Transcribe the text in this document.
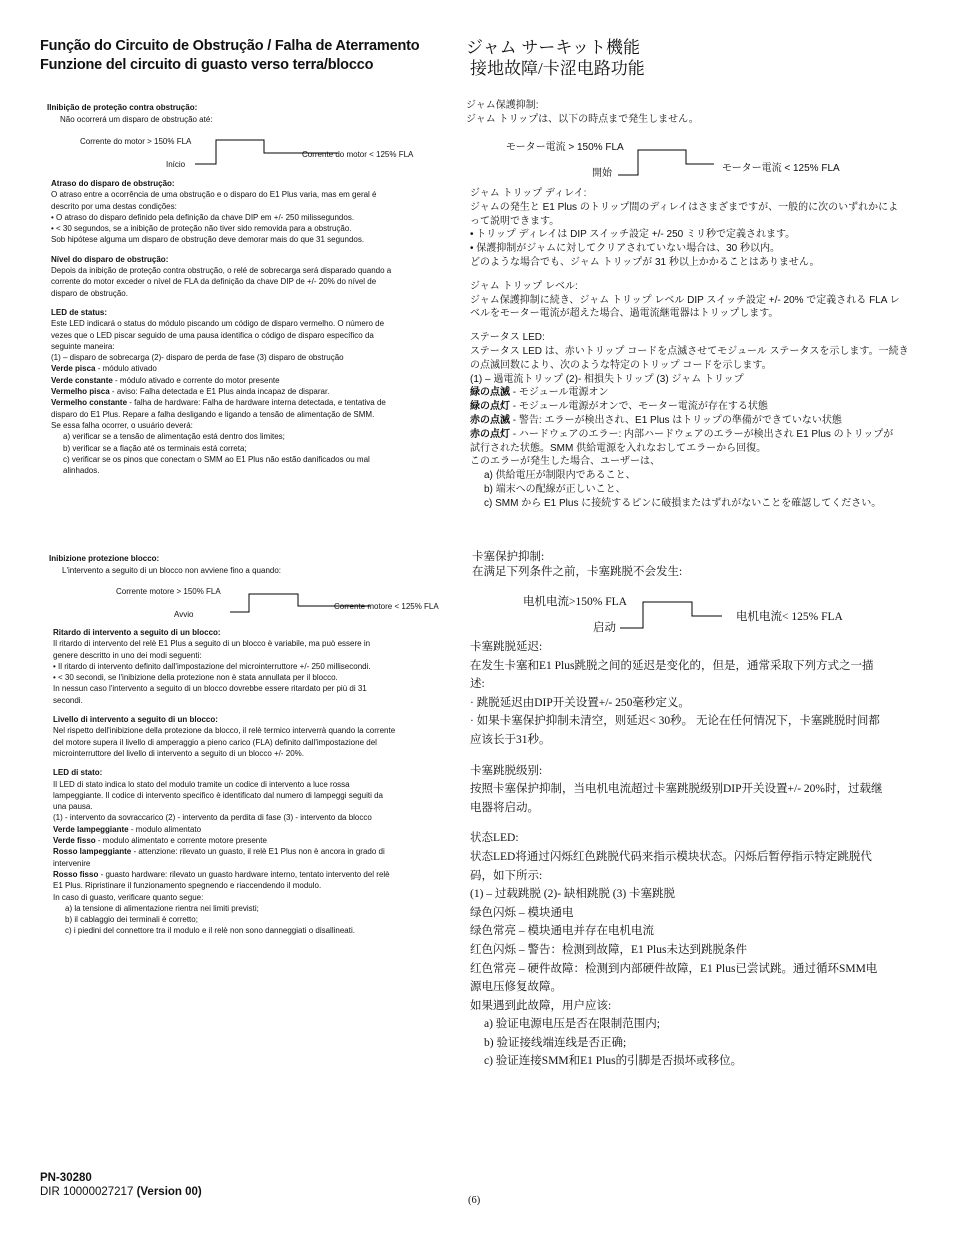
Função do Circuito de Obstrução / Falha de Aterramento
Funzione del circuito di guasto verso terra/blocco
ジャム サーキット機能
接地故障/卡涩电路功能
Ilnibição de proteção contra obstrução:
Não ocorrerá um disparo de obstrução até:
Corrente do motor > 150% FLA
Início
Corrente do motor < 125% FLA
Atraso do disparo de obstrução:
O atraso entre a ocorrência de uma obstrução e o disparo do E1 Plus varia, mas em geral é
descrito por uma destas condições:
• O atraso do disparo definido pela definição da chave DIP em +/- 250 milissegundos.
• < 30 segundos, se a inibição de proteção não tiver sido removida para a obstrução.
Sob hipótese alguma um disparo de obstrução deve demorar mais do que 31 segundos.
Nível do disparo de obstrução:
Depois da inibição de proteção contra obstrução, o relé de sobrecarga será disparado quando a
corrente do motor exceder o nível de FLA da definição da chave DIP de +/- 20% do nível de
disparo de obstrução.
LED de status:
Este LED indicará o status do módulo piscando um código de disparo vermelho. O número de
vezes que o LED piscar seguido de uma pausa identifica o código de disparo específico da
seguinte maneira:
(1) – disparo de sobrecarga (2)- disparo de perda de fase (3) disparo de obstrução
Verde pisca - módulo ativado
Verde constante - módulo ativado e corrente do motor presente
Vermelho pisca - aviso: Falha detectada e E1 Plus ainda incapaz de disparar.
Vermelho constante - falha de hardware: Falha de hardware interna detectada, e tentativa de
disparo do E1 Plus. Repare a falha desligando e ligando a tensão de alimentação de SMM.
Se essa falha ocorrer, o usuário deverá:
a) verificar se a tensão de alimentação está dentro dos limites;
b) verificar se a fiação até os terminais está correta;
c) verificar se os pinos que conectam o SMM ao E1 Plus não estão danificados ou mal
alinhados.
Inibizione protezione blocco:
L'intervento a seguito di un blocco non avviene fino a quando:
Corrente motore > 150% FLA
Avvio
Corrente motore < 125% FLA
Ritardo di intervento a seguito di un blocco:
Il ritardo di intervento del relè E1 Plus a seguito di un blocco è variabile, ma può essere in
genere descritto in uno dei modi seguenti:
• Il ritardo di intervento definito dall'impostazione del microinterruttore +/- 250 millisecondi.
• < 30 secondi, se l'inibizione della protezione non è stata annullata per il blocco.
In nessun caso l'intervento a seguito di un blocco dovrebbe essere ritardato per più di 31
secondi.
Livello di intervento a seguito di un blocco:
Nel rispetto dell'inibizione della protezione da blocco, il relè termico interverrà quando la corrente
del motore supera il livello di amperaggio a pieno carico (FLA) definito dall'impostazione del
microinterruttore del livello di intervento a seguito di un blocco +/- 20%.
LED di stato:
Il LED di stato indica lo stato del modulo tramite un codice di intervento a luce rossa
lampeggiante. Il codice di intervento specifico è identificato dal numero di lampeggi seguiti da
una pausa.
(1) - intervento da sovraccarico (2) - intervento da perdita di fase (3) - intervento da blocco
Verde lampeggiante - modulo alimentato
Verde fisso - modulo alimentato e corrente motore presente
Rosso lampeggiante - attenzione: rilevato un guasto, il relè E1 Plus non è ancora in grado di
intervenire
Rosso fisso - guasto hardware: rilevato un guasto hardware interno, tentato intervento del relè
E1 Plus. Ripristinare il funzionamento spegnendo e riaccendendo il modulo.
In caso di guasto, verificare quanto segue:
a) la tensione di alimentazione rientra nei limiti previsti;
b) il cablaggio dei terminali è corretto;
c) i piedini del connettore tra il modulo e il relè non sono danneggiati o disallineati.
ジャム保護抑制:
ジャム トリップは、以下の時点まで発生しません。
モーター電流 > 150% FLA
開始	モーター電流 < 125% FLA
ジャム トリップ ディレイ:
ジャムの発生と E1 Plus のトリップ間のディレイはさまざまですが、一般的に次のいずれかによ
って説明できます。
• トリップ ディレイは DIP スイッチ設定 +/- 250 ミリ秒で定義されます。
• 保護抑制がジャムに対してクリアされていない場合は、30 秒以内。
どのような場合でも、ジャム トリップが 31 秒以上かかることはありません。
ジャム トリップ レベル:
ジャム保護抑制に続き、ジャム トリップ レベル DIP スイッチ設定 +/- 20% で定義される FLA レ
ベルをモーター電流が超えた場合、過電流継電器はトリップします。
ステータス LED:
ステータス LED は、赤いトリップ コードを点滅させてモジュール ステータスを示します。一続き
の点滅回数により、次のような特定のトリップ コードを示します。
(1) – 過電流トリップ (2)- 相損失トリップ (3) ジャム トリップ
緑の点滅 - モジュール電源オン
緑の点灯 - モジュール電源がオンで、モーター電流が存在する状態
赤の点滅 - 警告: エラーが検出され、E1 Plus はトリップの準備ができていない状態
赤の点灯 - ハードウェアのエラー: 内部ハードウェアのエラーが検出され E1 Plus のトリップが
試行された状態。SMM 供給電源を入れなおしてエラーから回復。
このエラーが発生した場合、ユーザーは、
a) 供給電圧が制限内であること、
b) 端末への配線が正しいこと、
c) SMM から E1 Plus に接続するピンに破損またはずれがないことを確認してください。
卡塞保护抑制:
在满足下列条件之前，卡塞跳脱不会发生:
电机电流>150% FLA
启动
电机电流< 125% FLA
卡塞跳脱延迟:
在发生卡塞和E1 Plus跳脱之间的延迟是变化的，但是，通常采取下列方式之一描
述:
· 跳脱延迟由DIP开关设置+/- 250毫秒定义。
· 如果卡塞保护抑制未清空，则延迟< 30秒。 无论在任何情况下，卡塞跳脱时间都
应该长于31秒。
卡塞跳脱级别:
按照卡塞保护抑制，当电机电流超过卡塞跳脱级别DIP开关设置+/- 20%时，过载继
电器将启动。
状态LED:
状态LED将通过闪烁红色跳脱代码来指示模块状态。闪烁后暂停指示特定跳脱代
码，如下所示:
(1) – 过载跳脱 (2)- 缺相跳脱 (3) 卡塞跳脱
绿色闪烁 – 模块通电
绿色常亮 – 模块通电并存在电机电流
红色闪烁 – 警告：检测到故障，E1 Plus未达到跳脱条件
红色常亮 – 硬件故障：检测到内部硬件故障，E1 Plus已尝试跳。通过循环SMM电
源电压修复故障。
如果遇到此故障，用户应该:
a) 验证电源电压是否在限制范围内;
b) 验证接线端连线是否正确;
c) 验证连接SMM和E1 Plus的引脚是否损坏或移位。
PN-30280
DIR 10000027217 (Version 00)
(6)
